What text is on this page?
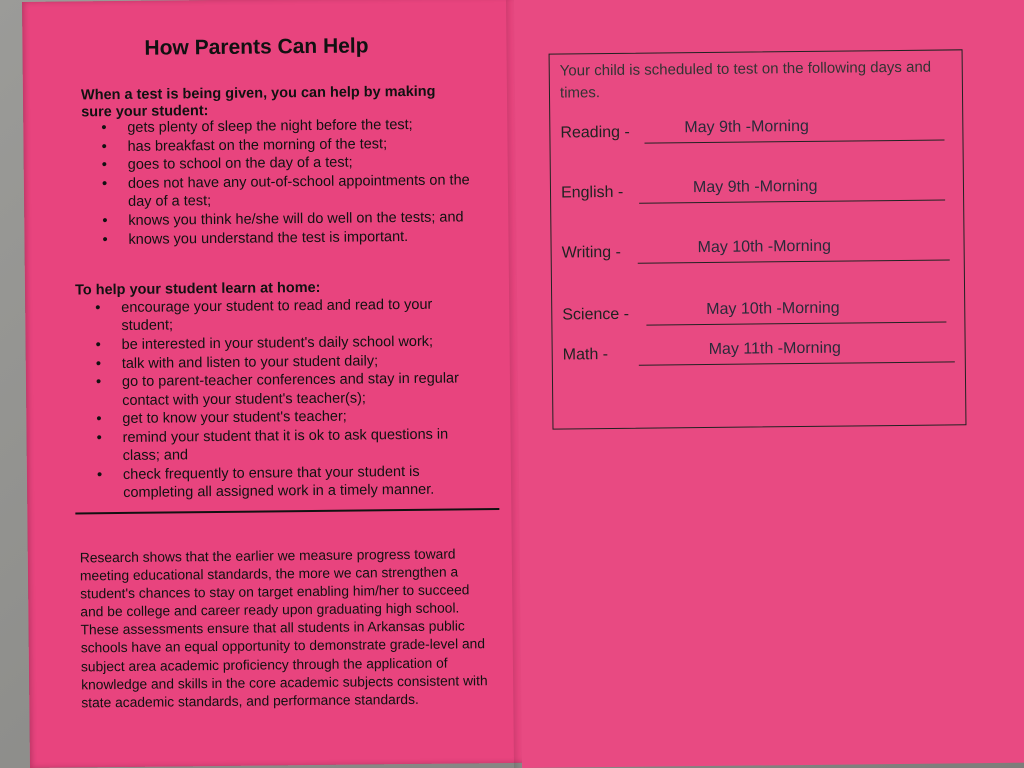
How Parents Can Help
When a test is being given, you can help by making
sure your student:
• gets plenty of sleep the night before the test;
• has breakfast on the morning of the test;
• goes to school on the day of a test;
• does not have any out-of-school appointments on the day of a test;
• knows you think he/she will do well on the tests; and
• knows you understand the test is important.
To help your student learn at home:
• encourage your student to read and read to your student;
• be interested in your student's daily school work;
• talk with and listen to your student daily;
• go to parent-teacher conferences and stay in regular contact with your student's teacher(s);
• get to know your student's teacher;
• remind your student that it is ok to ask questions in class; and
• check frequently to ensure that your student is completing all assigned work in a timely manner.
Research shows that the earlier we measure progress toward meeting educational standards, the more we can strengthen a student's chances to stay on target enabling him/her to succeed and be college and career ready upon graduating high school. These assessments ensure that all students in Arkansas public schools have an equal opportunity to demonstrate grade-level and subject area academic proficiency through the application of knowledge and skills in the core academic subjects consistent with state academic standards, and performance standards.
Your child is scheduled to test on the following days and times.
Reading -	May 9th -Morning
English -	May 9th -Morning
Writing -	May 10th -Morning
Science -	May 10th -Morning
Math -	May 11th -Morning
